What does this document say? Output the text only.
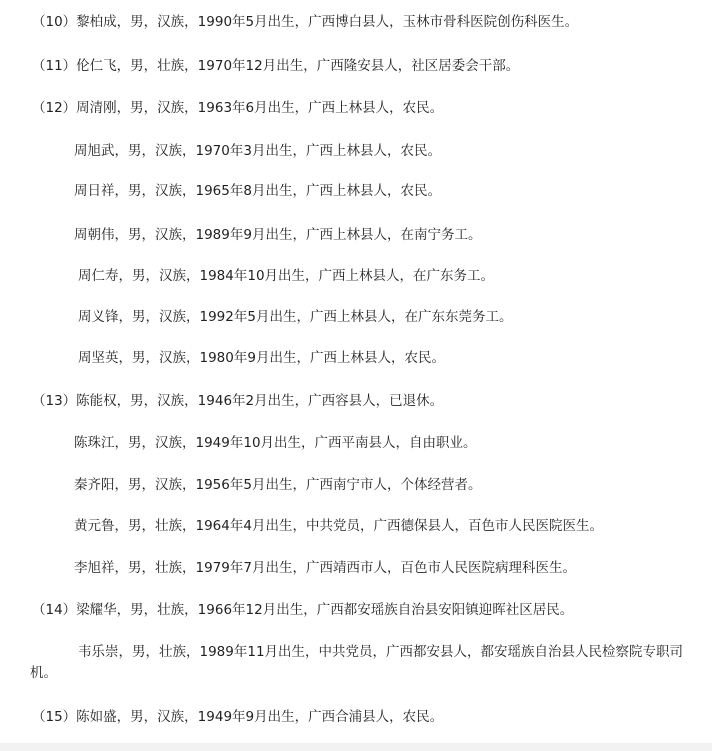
（10）黎柏成，男，汉族，1990年5月出生，广西博白县人，玉林市骨科医院创伤科医生。

（11）伦仁飞，男，壮族，1970年12月出生，广西隆安县人，社区居委会干部。

（12）周清刚，男，汉族，1963年6月出生，广西上林县人，农民。

周旭武，男，汉族，1970年3月出生，广西上林县人，农民。

周日祥，男，汉族，1965年8月出生，广西上林县人，农民。

周朝伟，男，汉族，1989年9月出生，广西上林县人，在南宁务工。

周仁寿，男，汉族，1984年10月出生，广西上林县人，在广东务工。

周义锋，男，汉族，1992年5月出生，广西上林县人，在广东东莞务工。

周坚英，男，汉族，1980年9月出生，广西上林县人，农民。

（13）陈能权，男，汉族，1946年2月出生，广西容县人，已退休。

陈珠江，男，汉族，1949年10月出生，广西平南县人，自由职业。

秦齐阳，男，汉族，1956年5月出生，广西南宁市人，个体经营者。

黄元鲁，男，壮族，1964年4月出生，中共党员，广西德保县人，百色市人民医院医生。

李旭祥，男，壮族，1979年7月出生，广西靖西市人，百色市人民医院病理科医生。

（14）梁耀华，男，壮族，1966年12月出生，广西都安瑶族自治县安阳镇迎晖社区居民。

韦乐崇，男，壮族，1989年11月出生，中共党员，广西都安县人，都安瑶族自治县人民检察院专职司机。

（15）陈如盛，男，汉族，1949年9月出生，广西合浦县人，农民。
